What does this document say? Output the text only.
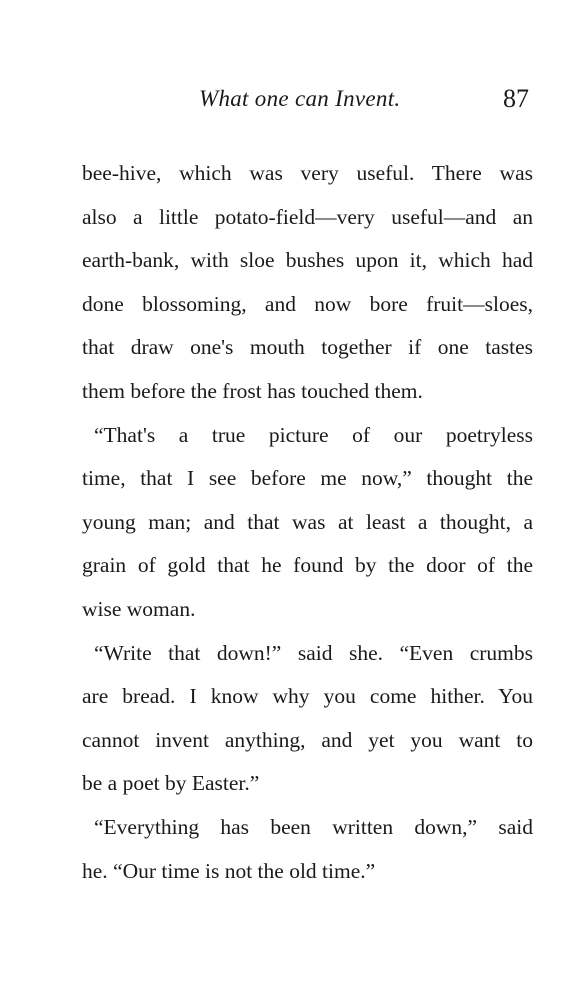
What one can Invent.	87
bee-hive, which was very useful. There was
also a little potato-field—very useful—and an
earth-bank, with sloe bushes upon it, which had
done blossoming, and now bore fruit—sloes,
that draw one's mouth together if one tastes
them before the frost has touched them.
“That's a true picture of our poetryless
time, that I see before me now,” thought the
young man; and that was at least a thought, a
grain of gold that he found by the door of the
wise woman.
“Write that down!” said she. “Even crumbs
are bread. I know why you come hither. You
cannot invent anything, and yet you want to
be a poet by Easter.”
“Everything has been written down,” said
he. “Our time is not the old time.”
